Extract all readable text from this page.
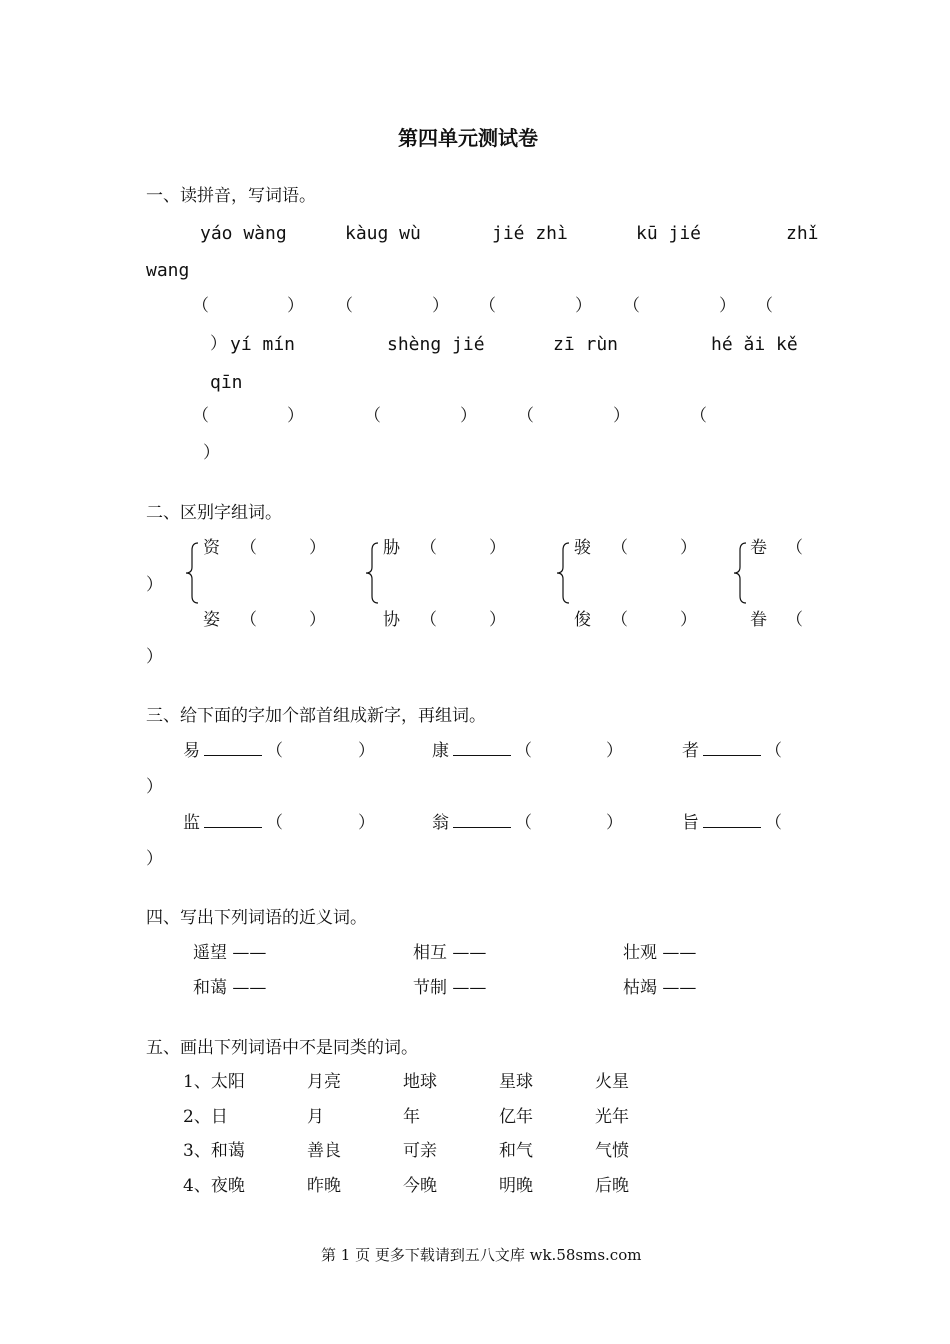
第四单元测试卷
一、读拼音，写词语。
yáo wàng	kàug wù	jié zhì	kū jié	zhǐ
wang
（	） （	） （	） （	） （
） yí mín	shèng jié	zī rùn	hé ǎi kě
qīn
（	）	（	） （	）	（
）
二、区别字组词。
资 （	）	胁 （	）	骏 （	）	卷 （
）
姿 （	）	协 （	）	俊 （	）	眷 （
）
三、给下面的字加个部首组成新字，再组词。
易	（	）	康	（	）	者	（
）
监	（	）	翁	（	）	旨	（
）
四、写出下列词语的近义词。
遥望 ——	相互 ——	壮观 ——
和蔼 ——	节制 ——	枯竭 ——
五、画出下列词语中不是同类的词。
1、太阳	月亮	地球	星球	火星
2、日	月	年	亿年	光年
3、和蔼	善良	可亲	和气	气愤
4、夜晚	昨晚	今晚	明晚	后晚
第 1 页 更多下载请到五八文库 wk.58sms.com
